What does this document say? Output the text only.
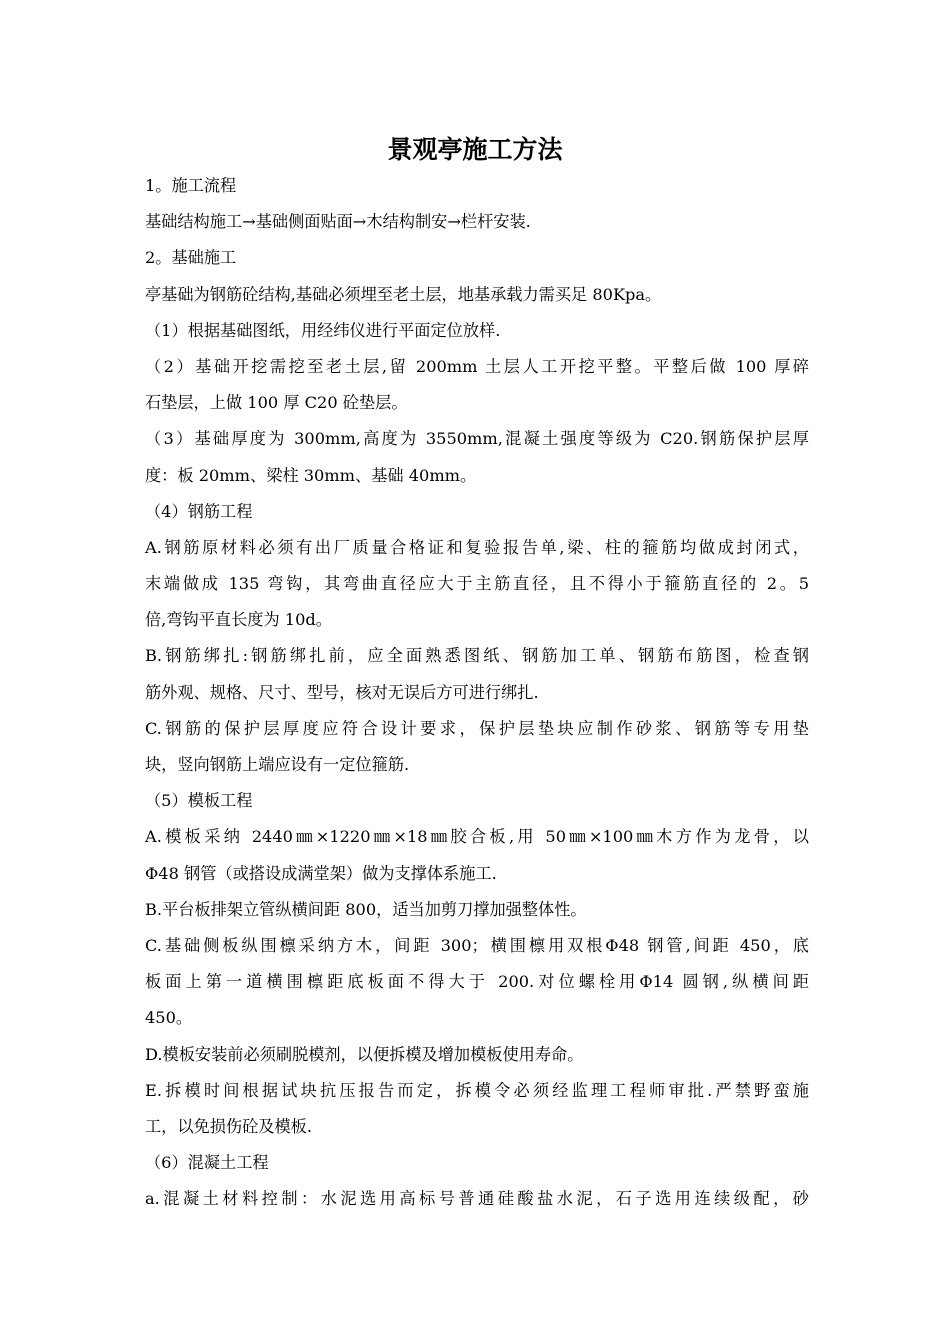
景观亭施工方法
1。施工流程
基础结构施工→基础侧面贴面→木结构制安→栏杆安装.
2。基础施工
亭基础为钢筋砼结构,基础必须埋至老土层，地基承载力需买足 80Kpa。
（1）根据基础图纸，用经纬仪进行平面定位放样.
（2）基础开挖需挖至老土层,留 200mm 土层人工开挖平整。平整后做 100 厚碎
石垫层，上做 100 厚 C20 砼垫层。
（3）基础厚度为 300mm,高度为 3550mm,混凝土强度等级为 C20.钢筋保护层厚
度：板 20mm、梁柱 30mm、基础 40mm。
（4）钢筋工程
A.钢筋原材料必须有出厂质量合格证和复验报告单,梁、柱的箍筋均做成封闭式，
末端做成 135 弯钩，其弯曲直径应大于主筋直径，且不得小于箍筋直径的 2。5
倍,弯钩平直长度为 10d。
B.钢筋绑扎:钢筋绑扎前，应全面熟悉图纸、钢筋加工单、钢筋布筋图，检查钢
筋外观、规格、尺寸、型号，核对无误后方可进行绑扎.
C.钢筋的保护层厚度应符合设计要求，保护层垫块应制作砂浆、钢筋等专用垫
块，竖向钢筋上端应设有一定位箍筋.
（5）模板工程
A.模板采纳 2440㎜×1220㎜×18㎜胶合板,用 50㎜×100㎜木方作为龙骨，以
Φ48 钢管（或搭设成满堂架）做为支撑体系施工.
B.平台板排架立管纵横间距 800，适当加剪刀撑加强整体性。
C.基础侧板纵围檩采纳方木，间距 300；横围檩用双根Φ48 钢管,间距 450，底
板面上第一道横围檩距底板面不得大于 200.对位螺栓用Φ14 圆钢,纵横间距
450。
D.模板安装前必须刷脱模剂，以便拆模及增加模板使用寿命。
E.拆模时间根据试块抗压报告而定，拆模令必须经监理工程师审批.严禁野蛮施
工，以免损伤砼及模板.
（6）混凝土工程
a.混凝土材料控制：水泥选用高标号普通硅酸盐水泥，石子选用连续级配，砂
